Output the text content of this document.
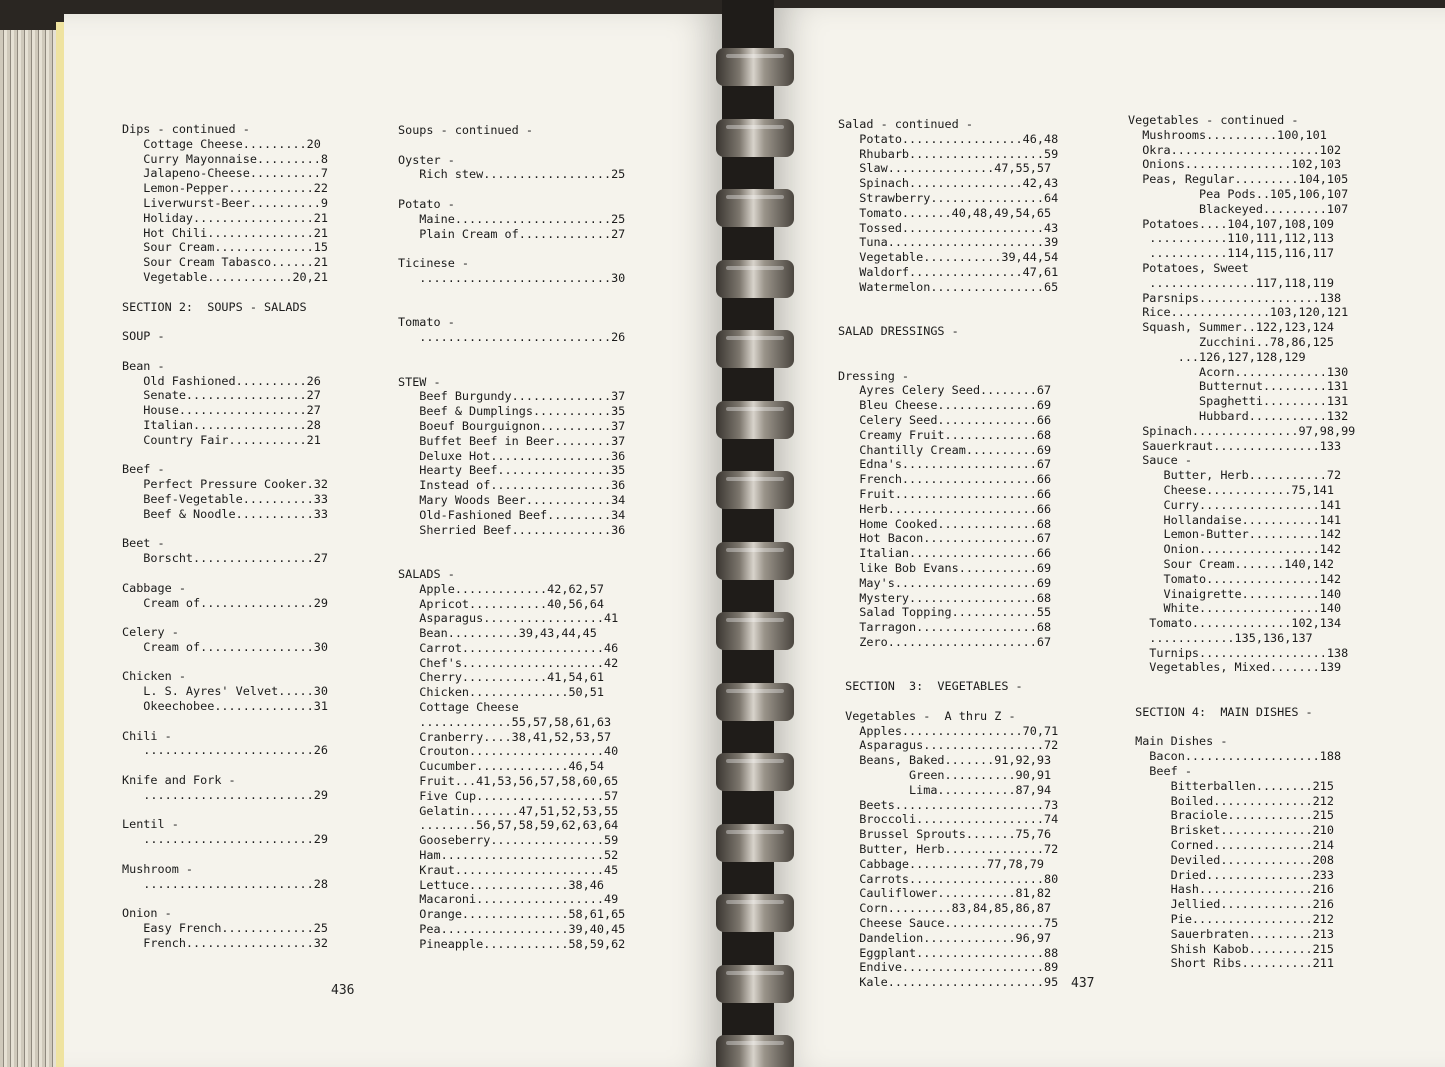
Dips - continued -
Cottage Cheese.........20
Curry Mayonnaise.........8
Jalapeno-Cheese..........7
Lemon-Pepper............22
Liverwurst-Beer..........9
Holiday.................21
Hot Chili...............21
Sour Cream..............15
Sour Cream Tabasco......21
Vegetable............20,21
SECTION 2:  SOUPS - SALADS
SOUP -
Bean -
Old Fashioned..........26
Senate.................27
House..................27
Italian................28
Country Fair...........21
Beef -
Perfect Pressure Cooker.32
Beef-Vegetable..........33
Beef & Noodle...........33
Beet -
Borscht.................27
Cabbage -
Cream of................29
Celery -
Cream of................30
Chicken -
L. S. Ayres' Velvet.....30
Okeechobee..............31
Chili -
........................26
Knife and Fork -
........................29
Lentil -
........................29
Mushroom -
........................28
Onion -
Easy French.............25
French..................32
Soups - continued -
Oyster -
Rich stew..................25
Potato -
Maine......................25
Plain Cream of.............27
Ticinese -
...........................30
Tomato -
...........................26
STEW -
Beef Burgundy..............37
Beef & Dumplings...........35
Boeuf Bourguignon..........37
Buffet Beef in Beer........37
Deluxe Hot.................36
Hearty Beef................35
Instead of.................36
Mary Woods Beer............34
Old-Fashioned Beef.........34
Sherried Beef..............36
SALADS -
Apple.............42,62,57
Apricot...........40,56,64
Asparagus.................41
Bean..........39,43,44,45
Carrot....................46
Chef's....................42
Cherry............41,54,61
Chicken..............50,51
Cottage Cheese
.............55,57,58,61,63
Cranberry....38,41,52,53,57
Crouton...................40
Cucumber.............46,54
Fruit...41,53,56,57,58,60,65
Five Cup..................57
Gelatin.......47,51,52,53,55
........56,57,58,59,62,63,64
Gooseberry................59
Ham.......................52
Kraut.....................45
Lettuce..............38,46
Macaroni..................49
Orange...............58,61,65
Pea..................39,40,45
Pineapple............58,59,62
Salad - continued -
Potato.................46,48
Rhubarb...................59
Slaw...............47,55,57
Spinach................42,43
Strawberry................64
Tomato.......40,48,49,54,65
Tossed....................43
Tuna......................39
Vegetable...........39,44,54
Waldorf................47,61
Watermelon................65
SALAD DRESSINGS -
Dressing -
Ayres Celery Seed........67
Bleu Cheese..............69
Celery Seed..............66
Creamy Fruit.............68
Chantilly Cream..........69
Edna's...................67
French...................66
Fruit....................66
Herb.....................66
Home Cooked..............68
Hot Bacon................67
Italian..................66
like Bob Evans...........69
May's....................69
Mystery..................68
Salad Topping............55
Tarragon.................68
Zero.....................67
SECTION  3:  VEGETABLES -
Vegetables -  A thru Z -
Apples.................70,71
Asparagus.................72
Beans, Baked.......91,92,93
Green..........90,91
Lima...........87,94
Beets.....................73
Broccoli..................74
Brussel Sprouts.......75,76
Butter, Herb..............72
Cabbage...........77,78,79
Carrots...................80
Cauliflower...........81,82
Corn.........83,84,85,86,87
Cheese Sauce..............75
Dandelion.............96,97
Eggplant..................88
Endive....................89
Kale......................95
Vegetables - continued -
Mushrooms..........100,101
Okra.....................102
Onions...............102,103
Peas, Regular.........104,105
Pea Pods..105,106,107
Blackeyed.........107
Potatoes....104,107,108,109
...........110,111,112,113
...........114,115,116,117
Potatoes, Sweet
...............117,118,119
Parsnips.................138
Rice..............103,120,121
Squash, Summer..122,123,124
Zucchini..78,86,125
...126,127,128,129
Acorn.............130
Butternut.........131
Spaghetti.........131
Hubbard...........132
Spinach...............97,98,99
Sauerkraut...............133
Sauce -
Butter, Herb...........72
Cheese............75,141
Curry.................141
Hollandaise...........141
Lemon-Butter..........142
Onion.................142
Sour Cream.......140,142
Tomato................142
Vinaigrette...........140
White.................140
Tomato..............102,134
............135,136,137
Turnips..................138
Vegetables, Mixed.......139
SECTION 4:  MAIN DISHES -
Main Dishes -
Bacon...................188
Beef -
Bitterballen........215
Boiled..............212
Braciole............215
Brisket.............210
Corned..............214
Deviled.............208
Dried...............233
Hash................216
Jellied.............216
Pie.................212
Sauerbraten.........213
Shish Kabob.........215
Short Ribs..........211
436	437
